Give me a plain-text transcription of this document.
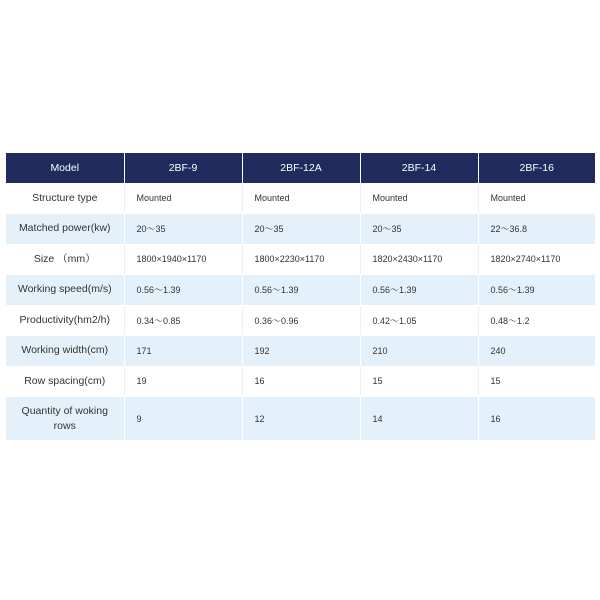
Model	2BF-9	2BF-12A	2BF-14	2BF-16
Structure type	Mounted	Mounted	Mounted	Mounted
Matched power(kw)	20～35	20～35	20～35	22～36.8
Size （mm）	1800×1940×1170	1800×2230×1170	1820×2430×1170	1820×2740×1170
Working speed(m/s)	0.56～1.39	0.56～1.39	0.56～1.39	0.56～1.39
Productivity(hm2/h)	0.34～0.85	0.36～0.96	0.42～1.05	0.48～1.2
Working width(cm)	171	192	210	240
Row spacing(cm)	19	16	15	15
Quantity of woking rows	9	12	14	16
